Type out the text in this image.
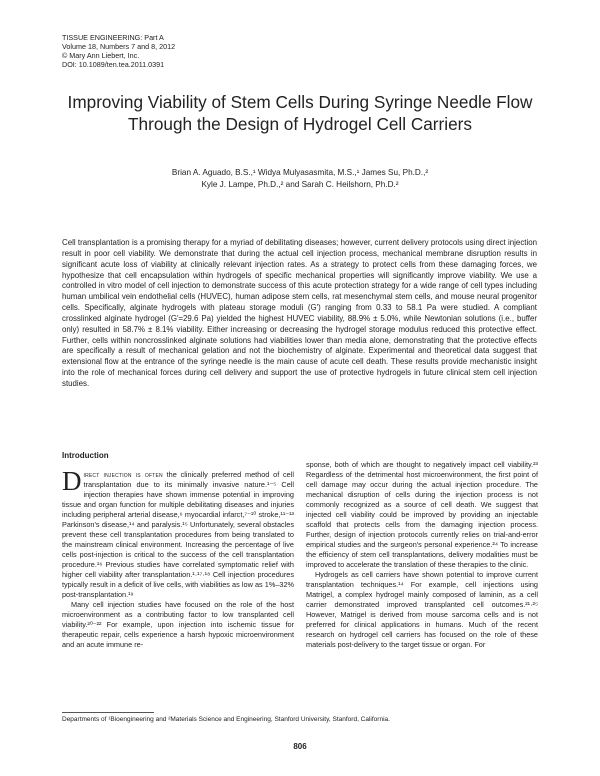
TISSUE ENGINEERING: Part A
Volume 18, Numbers 7 and 8, 2012
© Mary Ann Liebert, Inc.
DOI: 10.1089/ten.tea.2011.0391
Improving Viability of Stem Cells During Syringe Needle Flow Through the Design of Hydrogel Cell Carriers
Brian A. Aguado, B.S.,¹ Widya Mulyasasmita, M.S.,¹ James Su, Ph.D.,²
Kyle J. Lampe, Ph.D.,² and Sarah C. Heilshorn, Ph.D.²

Cell transplantation is a promising therapy for a myriad of debilitating diseases; however, current delivery protocols using direct injection result in poor cell viability. We demonstrate that during the actual cell injection process, mechanical membrane disruption results in significant acute loss of viability at clinically relevant injection rates. As a strategy to protect cells from these damaging forces, we hypothesize that cell encapsulation within hydrogels of specific mechanical properties will significantly improve viability. We use a controlled in vitro model of cell injection to demonstrate success of this acute protection strategy for a wide range of cell types including human umbilical vein endothelial cells (HUVEC), human adipose stem cells, rat mesenchymal stem cells, and mouse neural progenitor cells. Specifically, alginate hydrogels with plateau storage moduli (G′) ranging from 0.33 to 58.1 Pa were studied. A compliant crosslinked alginate hydrogel (G′=29.6 Pa) yielded the highest HUVEC viability, 88.9% ± 5.0%, while Newtonian solutions (i.e., buffer only) resulted in 58.7% ± 8.1% viability. Either increasing or decreasing the hydrogel storage modulus reduced this protective effect. Further, cells within noncrosslinked alginate solutions had viabilities lower than media alone, demonstrating that the protective effects are specifically a result of mechanical gelation and not the biochemistry of alginate. Experimental and theoretical data suggest that extensional flow at the entrance of the syringe needle is the main cause of acute cell death. These results provide mechanistic insight into the role of mechanical forces during cell delivery and support the use of protective hydrogels in future clinical stem cell injection studies.

Introduction

Direct injection is often the clinically preferred method of cell transplantation due to its minimally invasive nature.¹⁻⁵ Cell injection therapies have shown immense potential in improving tissue and organ function for multiple debilitating diseases and injuries including peripheral arterial disease,⁶ myocardial infarct,⁷⁻¹⁰ stroke,¹¹⁻¹³ Parkinson's disease,¹⁴ and paralysis.¹⁵ Unfortunately, several obstacles prevent these cell transplantation procedures from being translated to the mainstream clinical environment. Increasing the percentage of live cells post-injection is critical to the success of the cell transplantation procedure.¹⁶ Previous studies have correlated symptomatic relief with higher cell viability after transplantation.¹·¹⁷·¹⁸ Cell injection procedures typically result in a deficit of live cells, with viabilities as low as 1%–32% post-transplantation.¹⁹

Many cell injection studies have focused on the role of the host microenvironment as a contributing factor to low transplanted cell viability.²⁰⁻²² For example, upon injection into ischemic tissue for therapeutic repair, cells experience a harsh hypoxic microenvironment and an acute immune re-

sponse, both of which are thought to negatively impact cell viability.²³ Regardless of the detrimental host microenvironment, the first point of cell damage may occur during the actual injection procedure. The mechanical disruption of cells during the injection process is not commonly recognized as a source of cell death. We suggest that injected cell viability could be improved by providing an injectable scaffold that protects cells from the damaging injection process. Further, design of injection protocols currently relies on trial-and-error empirical studies and the surgeon's personal experience.²⁴ To increase the efficiency of stem cell transplantations, delivery modalities must be improved to accelerate the translation of these therapies to the clinic.

Hydrogels as cell carriers have shown potential to improve current transplantation techniques.¹⁴ For example, cell injections using Matrigel, a complex hydrogel mainly composed of laminin, as a cell carrier demonstrated improved transplanted cell outcomes.²¹·²⁵ However, Matrigel is derived from mouse sarcoma cells and is not preferred for clinical applications in humans. Much of the recent research on hydrogel cell carriers has focused on the role of these materials post-delivery to the target tissue or organ. For

Departments of ¹Bioengineering and ²Materials Science and Engineering, Stanford University, Stanford, California.
806
